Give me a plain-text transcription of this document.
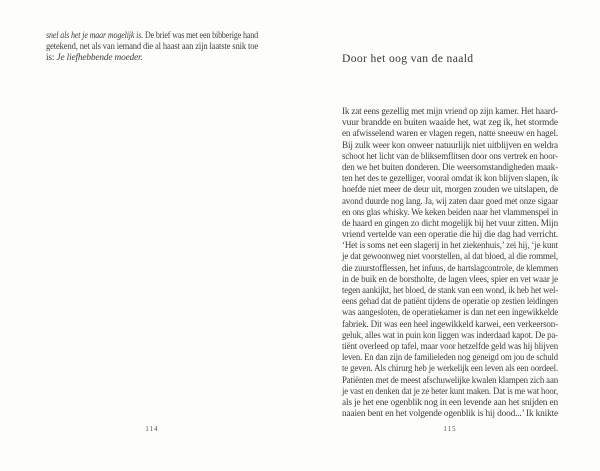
snel als het je maar mogelijk is. De brief was met een bibberige hand
getekend, net als van iemand die al haast aan zijn laatste snik toe
is: Je liefhebbende moeder.
114
Door het oog van de naald
Ik zat eens gezellig met mijn vriend op zijn kamer. Het haard-
vuur brandde en buiten waaide het, wat zeg ik, het stormde
en afwisselend waren er vlagen regen, natte sneeuw en hagel.
Bij zulk weer kon onweer natuurlijk niet uitblijven en weldra
schoot het licht van de bliksemflitsen door ons vertrek en hoor-
den we het buiten donderen. Die weersomstandigheden maak-
ten het des te gezelliger, vooral omdat ik kon blijven slapen, ik
hoefde niet meer de deur uit, morgen zouden we uitslapen, de
avond duurde nog lang. Ja, wij zaten daar goed met onze sigaar
en ons glas whisky. We keken beiden naar het vlammenspel in
de haard en gingen zo dicht mogelijk bij het vuur zitten. Mijn
vriend vertelde van een operatie die hij die dag had verricht.
‘Het is soms net een slagerij in het ziekenhuis,’ zei hij, ‘je kunt
je dat gewoonweg niet voorstellen, al dat bloed, al die rommel,
die zuurstofflessen, het infuus, de hartslagcontrole, de klemmen
in de buik en de borstholte, de lagen vlees, spier en vet waar je
tegen aankijkt, het bloed, de stank van een wond, ik heb het wel-
eens gehad dat de patiënt tijdens de operatie op zestien leidingen
was aangesloten, de operatiekamer is dan net een ingewikkelde
fabriek. Dit was een heel ingewikkeld karwei, een verkeerson-
geluk, alles wat in puin kon liggen was inderdaad kapot. De pa-
tiënt overleed op tafel, maar voor hetzelfde geld was hij blijven
leven. En dan zijn de familieleden nog geneigd om jou de schuld
te geven. Als chirurg heb je werkelijk een leven als een oordeel.
Patiënten met de meest afschuwelijke kwalen klampen zich aan
je vast en denken dat je ze beter kunt maken. Dat is me wat hoor,
als je het ene ogenblik nog in een levende aan het snijden en
naaien bent en het volgende ogenblik is hij dood...’ Ik knikte
115
